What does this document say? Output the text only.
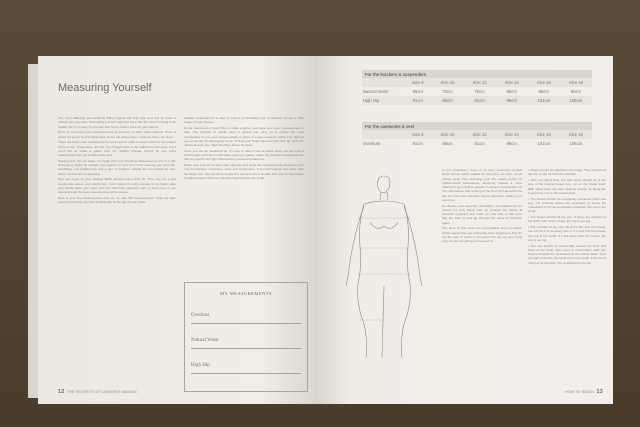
Measuring Yourself

The most flattering and perfectly fitting lingerie will only look and feel so when it reflects your true size. Measuring yourself might not seem like the most fun thing to do initially, but try to see it in the way that home sewers have for generations.

Don't try to commit your measurements to memory; jot them down instead. There is space for you to do this below and, as the old adage says, 'measure twice, cut once'.

There are three main measurements you'll need in order to select which of our pattern sizes to use. These three will see you through most of the patterns in this book, but if you'd like to make a garter from the tickling chapter, there'll be one extra measurement for you to take at the end.

Starting from the top down, we begin with your Overbust Measurement (line A in the illustration). Stand up straight, feet together in front of a mirror wearing your favourite, well-fitting, non-padded bra and a pair of knickers. Ideally the bra should be non-wired, but this isn't a necessity.

Now we move to your Natural Waist Measurement (line B). This may be a few centimetres above your bellybutton, but it varies for every woman so to check, slide your hands down your sides until you reach the narrowest part, or bend over to one side and wrap the tape measure around the crease.

Next is your Hip Measurement (line C). To take this measurement, wrap the tape around your body over the 'knobbly bits' at the top of your pelvis.

reliable measurement to take to ensure a well-fitting pair of knickers across a wide range of body shapes.

As we mentioned, if you'd like to make a garter, you have one more measurement to take. The strength of elastic used in garters can vary, so to ensure the most comfortable fit, use your chosen elastic in place of a tape measure. Wrap it as tight as you would like the final garter to be. To find your Thigh Measurement (line D), wrap the elastic around your thigh 10-20cm above the knee.

Once you are all measured up, it's time to take a look at which sizes you are and at what height you'll feel comfortable wearing a garter; unlike the previous measurements, this one can be strongly influenced by personal preference.

Down here look at our size chart opposite and circle the measurements closest to your own for knickers, camisoles, vests and suspenders. If you fall between two sizes, take the larger one. We can all be tempted to squeeze into a smaller size, but it's a lot easier to adjust lingerie that's too big than lingerie that's too small.

MY MEASUREMENTS
Overbust
Natural Waist
High Hip
12 THE SECRETS OF LINGERIE MAKING
For the knickers & suspenders						
	Size 8	Size 10	Size 12	Size 14	Size 16	Size 18
Natural Waist	66cm	70cm	76cm	80cm	85cm	90cm
High Hip	81cm	86cm	91cm	96cm	101cm	106cm
For the camisoles & vest						
	Size 8	Size 10	Size 12	Size 14	Size 16	Size 18
Overbust	81cm	86cm	91cm	96cm	101cm	106cm

In our experience, there is no less measuring method which will be 100% reliable for everyone. As such, we've moved away from selecting your size based purely on mathematical calculations, favouring instead a more observant and intuitive attitude to what is comfortable for you. We believe that working to the fit of your favourite bra can be a far more accurate way to approach making your own bras.

So choose your favourite, well-fitting, non-padded bra (to ensure it's truly fitting well, go through our handy fit checklist opposite) and make up your toile in that size. Slip the toile on and go through the same fit checklist again.

The lines in this book are non-padded and non-wired, which means they are inherently more forgiving in their fit, but the way in which a non-wired bra sits on your body may not be something you're used to.

• Straps should be adjusted to fit snugly. They should not dig into or slip off from the shoulder.

• With non-wired bras, the side seam should sit to the side of the natural breast root, not on the breast itself. With wired bras, the wire channel should sit along the breast root, not on the breast itself.

• The breast should be completely contained within the cup, not showing above the underwire or below the underband. If it's not completely contained, the cup is too small.

• The breast should fill the cup. If there are wrinkles in the fabric with empty areas, the cup is too big.

• The neckline of the cup should lie flat over the breast, not cut into it or sit away from it. If it cuts into the breast, the cup is too small. If it sits away from the breast, the cup is too big.

• The bra should sit horizontally around the front and back of the body, with room to comfortably slide two fingers beneath the underband at the Centre Back. If it's too tight to do this, the band size is too small. If the bra is riding up at the back, the underband is too big.

HOW TO BEGIN 13
